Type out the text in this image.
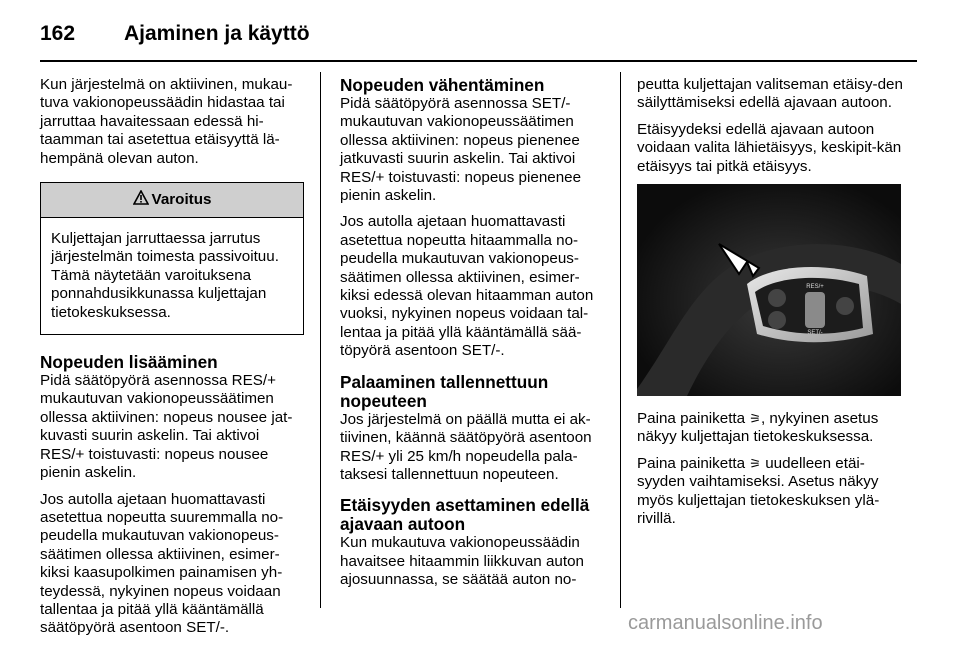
162	Ajaminen ja käyttö

Kun järjestelmä on aktiivinen, mukau-tuva vakionopeussäädin hidastaa tai jarruttaa havaitessaan edessä hi-taamman tai asetettua etäisyyttä lä-hempänä olevan auton.

Varoitus
Kuljettajan jarruttaessa jarrutus järjestelmän toimesta passivoituu. Tämä näytetään varoituksena ponnahdusikkunassa kuljettajan tietokeskuksessa.
Nopeuden lisääminen

Pidä säätöpyörä asennossa RES/+ mukautuvan vakionopeussäätimen ollessa aktiivinen: nopeus nousee jat-kuvasti suurin askelin. Tai aktivoi RES/+ toistuvasti: nopeus nousee pienin askelin.

Jos autolla ajetaan huomattavasti asetettua nopeutta suuremmalla no-peudella mukautuvan vakionopeus-säätimen ollessa aktiivinen, esimer-kiksi kaasupolkimen painamisen yh-teydessä, nykyinen nopeus voidaan tallentaa ja pitää yllä kääntämällä säätöpyörä asentoon SET/-.

Nopeuden vähentäminen

Pidä säätöpyörä asennossa SET/- mukautuvan vakionopeussäätimen ollessa aktiivinen: nopeus pienenee jatkuvasti suurin askelin. Tai aktivoi RES/+ toistuvasti: nopeus pienenee pienin askelin.

Jos autolla ajetaan huomattavasti asetettua nopeutta hitaammalla no-peudella mukautuvan vakionopeus-säätimen ollessa aktiivinen, esimer-kiksi edessä olevan hitaamman auton vuoksi, nykyinen nopeus voidaan tal-lentaa ja pitää yllä kääntämällä sää-töpyörä asentoon SET/-.

Palaaminen tallennettuun nopeuteen

Jos järjestelmä on päällä mutta ei ak-tiivinen, käännä säätöpyörä asentoon RES/+ yli 25 km/h nopeudella pala-taksesi tallennettuun nopeuteen.

Etäisyyden asettaminen edellä ajavaan autoon

Kun mukautuva vakionopeussäädin havaitsee hitaammin liikkuvan auton ajosuunnassa, se säätää auton no-

peutta kuljettajan valitseman etäisy-den säilyttämiseksi edellä ajavaan autoon.

Etäisyydeksi edellä ajavaan autoon voidaan valita lähietäisyys, keskipit-kän etäisyys tai pitkä etäisyys.

RES/+
SET/-

Paina painiketta ⚞, nykyinen asetus näkyy kuljettajan tietokeskuksessa.

Paina painiketta ⚞ uudelleen etäi-syyden vaihtamiseksi. Asetus näkyy myös kuljettajan tietokeskuksen ylä-rivillä.

carmanualsonline.info
